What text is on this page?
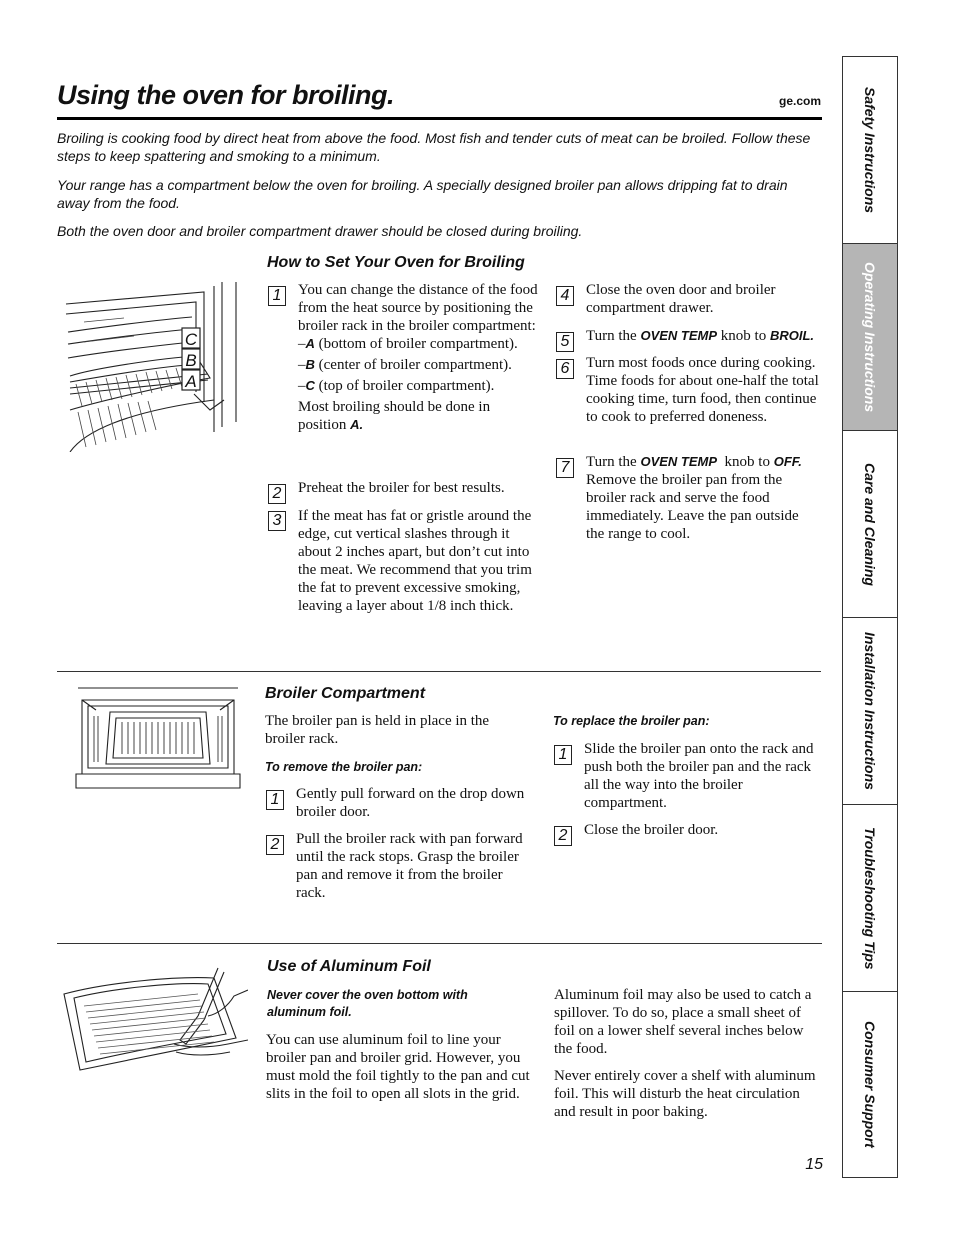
Using the oven for broiling.	ge.com

Broiling is cooking food by direct heat from above the food. Most fish and tender cuts of meat can be broiled. Follow these steps to keep spattering and smoking to a minimum.

Your range has a compartment below the oven for broiling. A specially designed broiler pan allows dripping fat to drain away from the food.

Both the oven door and broiler compartment drawer should be closed during broiling.

C
B
A
How to Set Your Oven for Broiling
1	You can change the distance of the food from the heat source by positioning the broiler rack in the broiler compartment:
–A (bottom of broiler compartment).
–B (center of broiler compartment).
–C (top of broiler compartment).
Most broiling should be done in position A.
2	Preheat the broiler for best results.
3	If the meat has fat or gristle around the edge, cut vertical slashes through it about 2 inches apart, but don’t cut into the meat. We recommend that you trim the fat to prevent excessive smoking, leaving a layer about 1/8 inch thick.
4	Close the oven door and broiler compartment drawer.
5	Turn the OVEN TEMP knob to BROIL.
6	Turn most foods once during cooking. Time foods for about one-half the total cooking time, turn food, then continue to cook to preferred doneness.
7	Turn the OVEN TEMP knob to OFF.
Remove the broiler pan from the broiler rack and serve the food immediately. Leave the pan outside the range to cool.
Broiler Compartment
The broiler pan is held in place in the broiler rack.
To remove the broiler pan:
1	Gently pull forward on the drop down broiler door.
2	Pull the broiler rack with pan forward until the rack stops. Grasp the broiler pan and remove it from the broiler rack.
To replace the broiler pan:
1	Slide the broiler pan onto the rack and push both the broiler pan and the rack all the way into the broiler compartment.
2	Close the broiler door.
Use of Aluminum Foil
Never cover the oven bottom with aluminum foil.
You can use aluminum foil to line your broiler pan and broiler grid. However, you must mold the foil tightly to the pan and cut slits in the foil to open all slots in the grid.
Aluminum foil may also be used to catch a spillover. To do so, place a small sheet of foil on a lower shelf several inches below the food.
Never entirely cover a shelf with aluminum foil. This will disturb the heat circulation and result in poor baking.
15
Safety Instructions
Operating Instructions
Care and Cleaning
Installation Instructions
Troubleshooting Tips
Consumer Support
